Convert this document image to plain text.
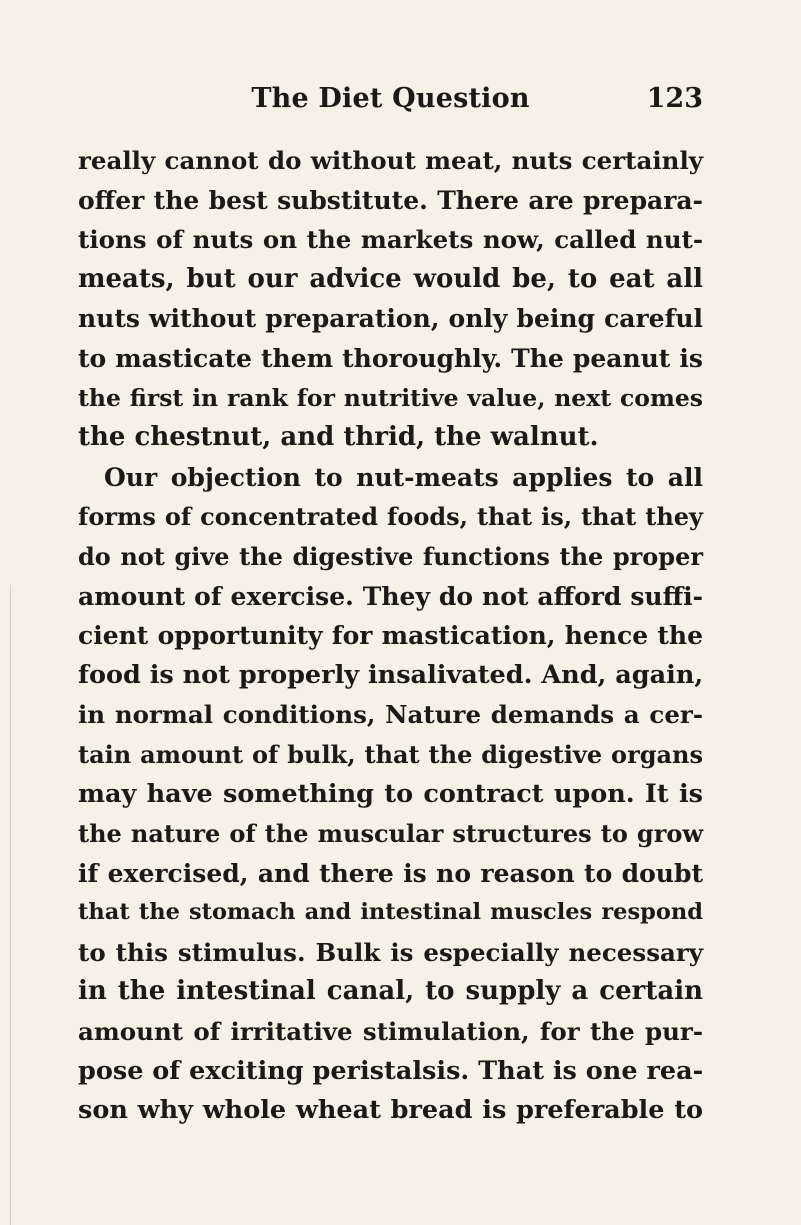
The Diet Question	123
really cannot do without meat, nuts certainly
offer the best substitute. There are prepara-
tions of nuts on the markets now, called nut-
meats, but our advice would be, to eat all
nuts without preparation, only being careful
to masticate them thoroughly. The peanut is
the first in rank for nutritive value, next comes
the chestnut, and thrid, the walnut.
Our objection to nut-meats applies to all
forms of concentrated foods, that is, that they
do not give the digestive functions the proper
amount of exercise. They do not afford suffi-
cient opportunity for mastication, hence the
food is not properly insalivated. And, again,
in normal conditions, Nature demands a cer-
tain amount of bulk, that the digestive organs
may have something to contract upon. It is
the nature of the muscular structures to grow
if exercised, and there is no reason to doubt
that the stomach and intestinal muscles respond
to this stimulus. Bulk is especially necessary
in the intestinal canal, to supply a certain
amount of irritative stimulation, for the pur-
pose of exciting peristalsis. That is one rea-
son why whole wheat bread is preferable to
